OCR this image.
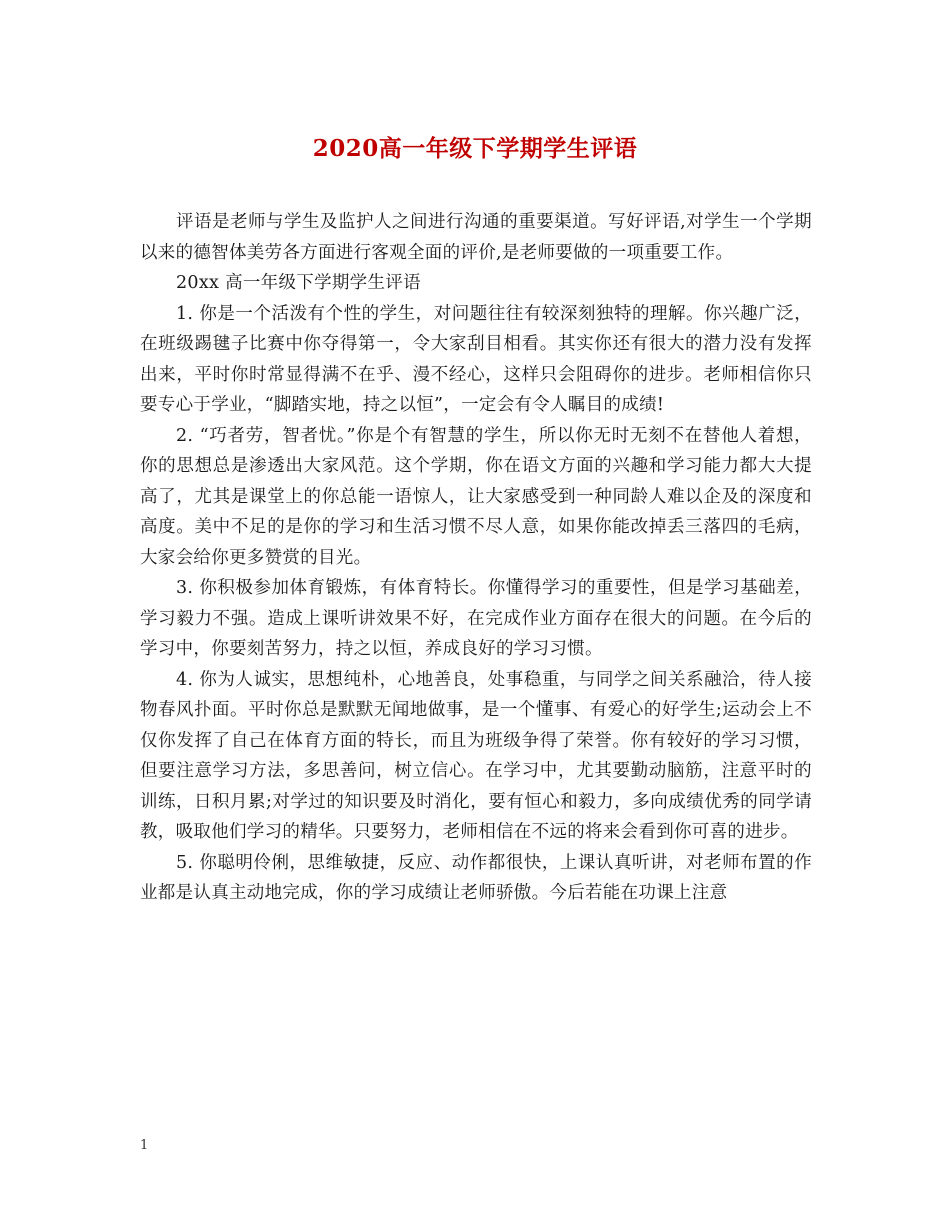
2020高一年级下学期学生评语

评语是老师与学生及监护人之间进行沟通的重要渠道。写好评语,对学生一个学期以来的德智体美劳各方面进行客观全面的评价,是老师要做的一项重要工作。

20xx 高一年级下学期学生评语

1. 你是一个活泼有个性的学生，对问题往往有较深刻独特的理解。你兴趣广泛，在班级踢毽子比赛中你夺得第一，令大家刮目相看。其实你还有很大的潜力没有发挥出来，平时你时常显得满不在乎、漫不经心，这样只会阻碍你的进步。老师相信你只要专心于学业，“脚踏实地，持之以恒”，一定会有令人瞩目的成绩!

2. “巧者劳，智者忧。”你是个有智慧的学生，所以你无时无刻不在替他人着想，你的思想总是渗透出大家风范。这个学期，你在语文方面的兴趣和学习能力都大大提高了，尤其是课堂上的你总能一语惊人，让大家感受到一种同龄人难以企及的深度和高度。美中不足的是你的学习和生活习惯不尽人意，如果你能改掉丢三落四的毛病，大家会给你更多赞赏的目光。

3. 你积极参加体育锻炼，有体育特长。你懂得学习的重要性，但是学习基础差，学习毅力不强。造成上课听讲效果不好，在完成作业方面存在很大的问题。在今后的学习中，你要刻苦努力，持之以恒，养成良好的学习习惯。

4. 你为人诚实，思想纯朴，心地善良，处事稳重，与同学之间关系融洽，待人接物春风扑面。平时你总是默默无闻地做事，是一个懂事、有爱心的好学生;运动会上不仅你发挥了自己在体育方面的特长，而且为班级争得了荣誉。你有较好的学习习惯，但要注意学习方法，多思善问，树立信心。在学习中，尤其要勤动脑筋，注意平时的训练，日积月累;对学过的知识要及时消化，要有恒心和毅力，多向成绩优秀的同学请教，吸取他们学习的精华。只要努力，老师相信在不远的将来会看到你可喜的进步。

5. 你聪明伶俐，思维敏捷，反应、动作都很快，上课认真听讲，对老师布置的作业都是认真主动地完成，你的学习成绩让老师骄傲。今后若能在功课上注意

1
